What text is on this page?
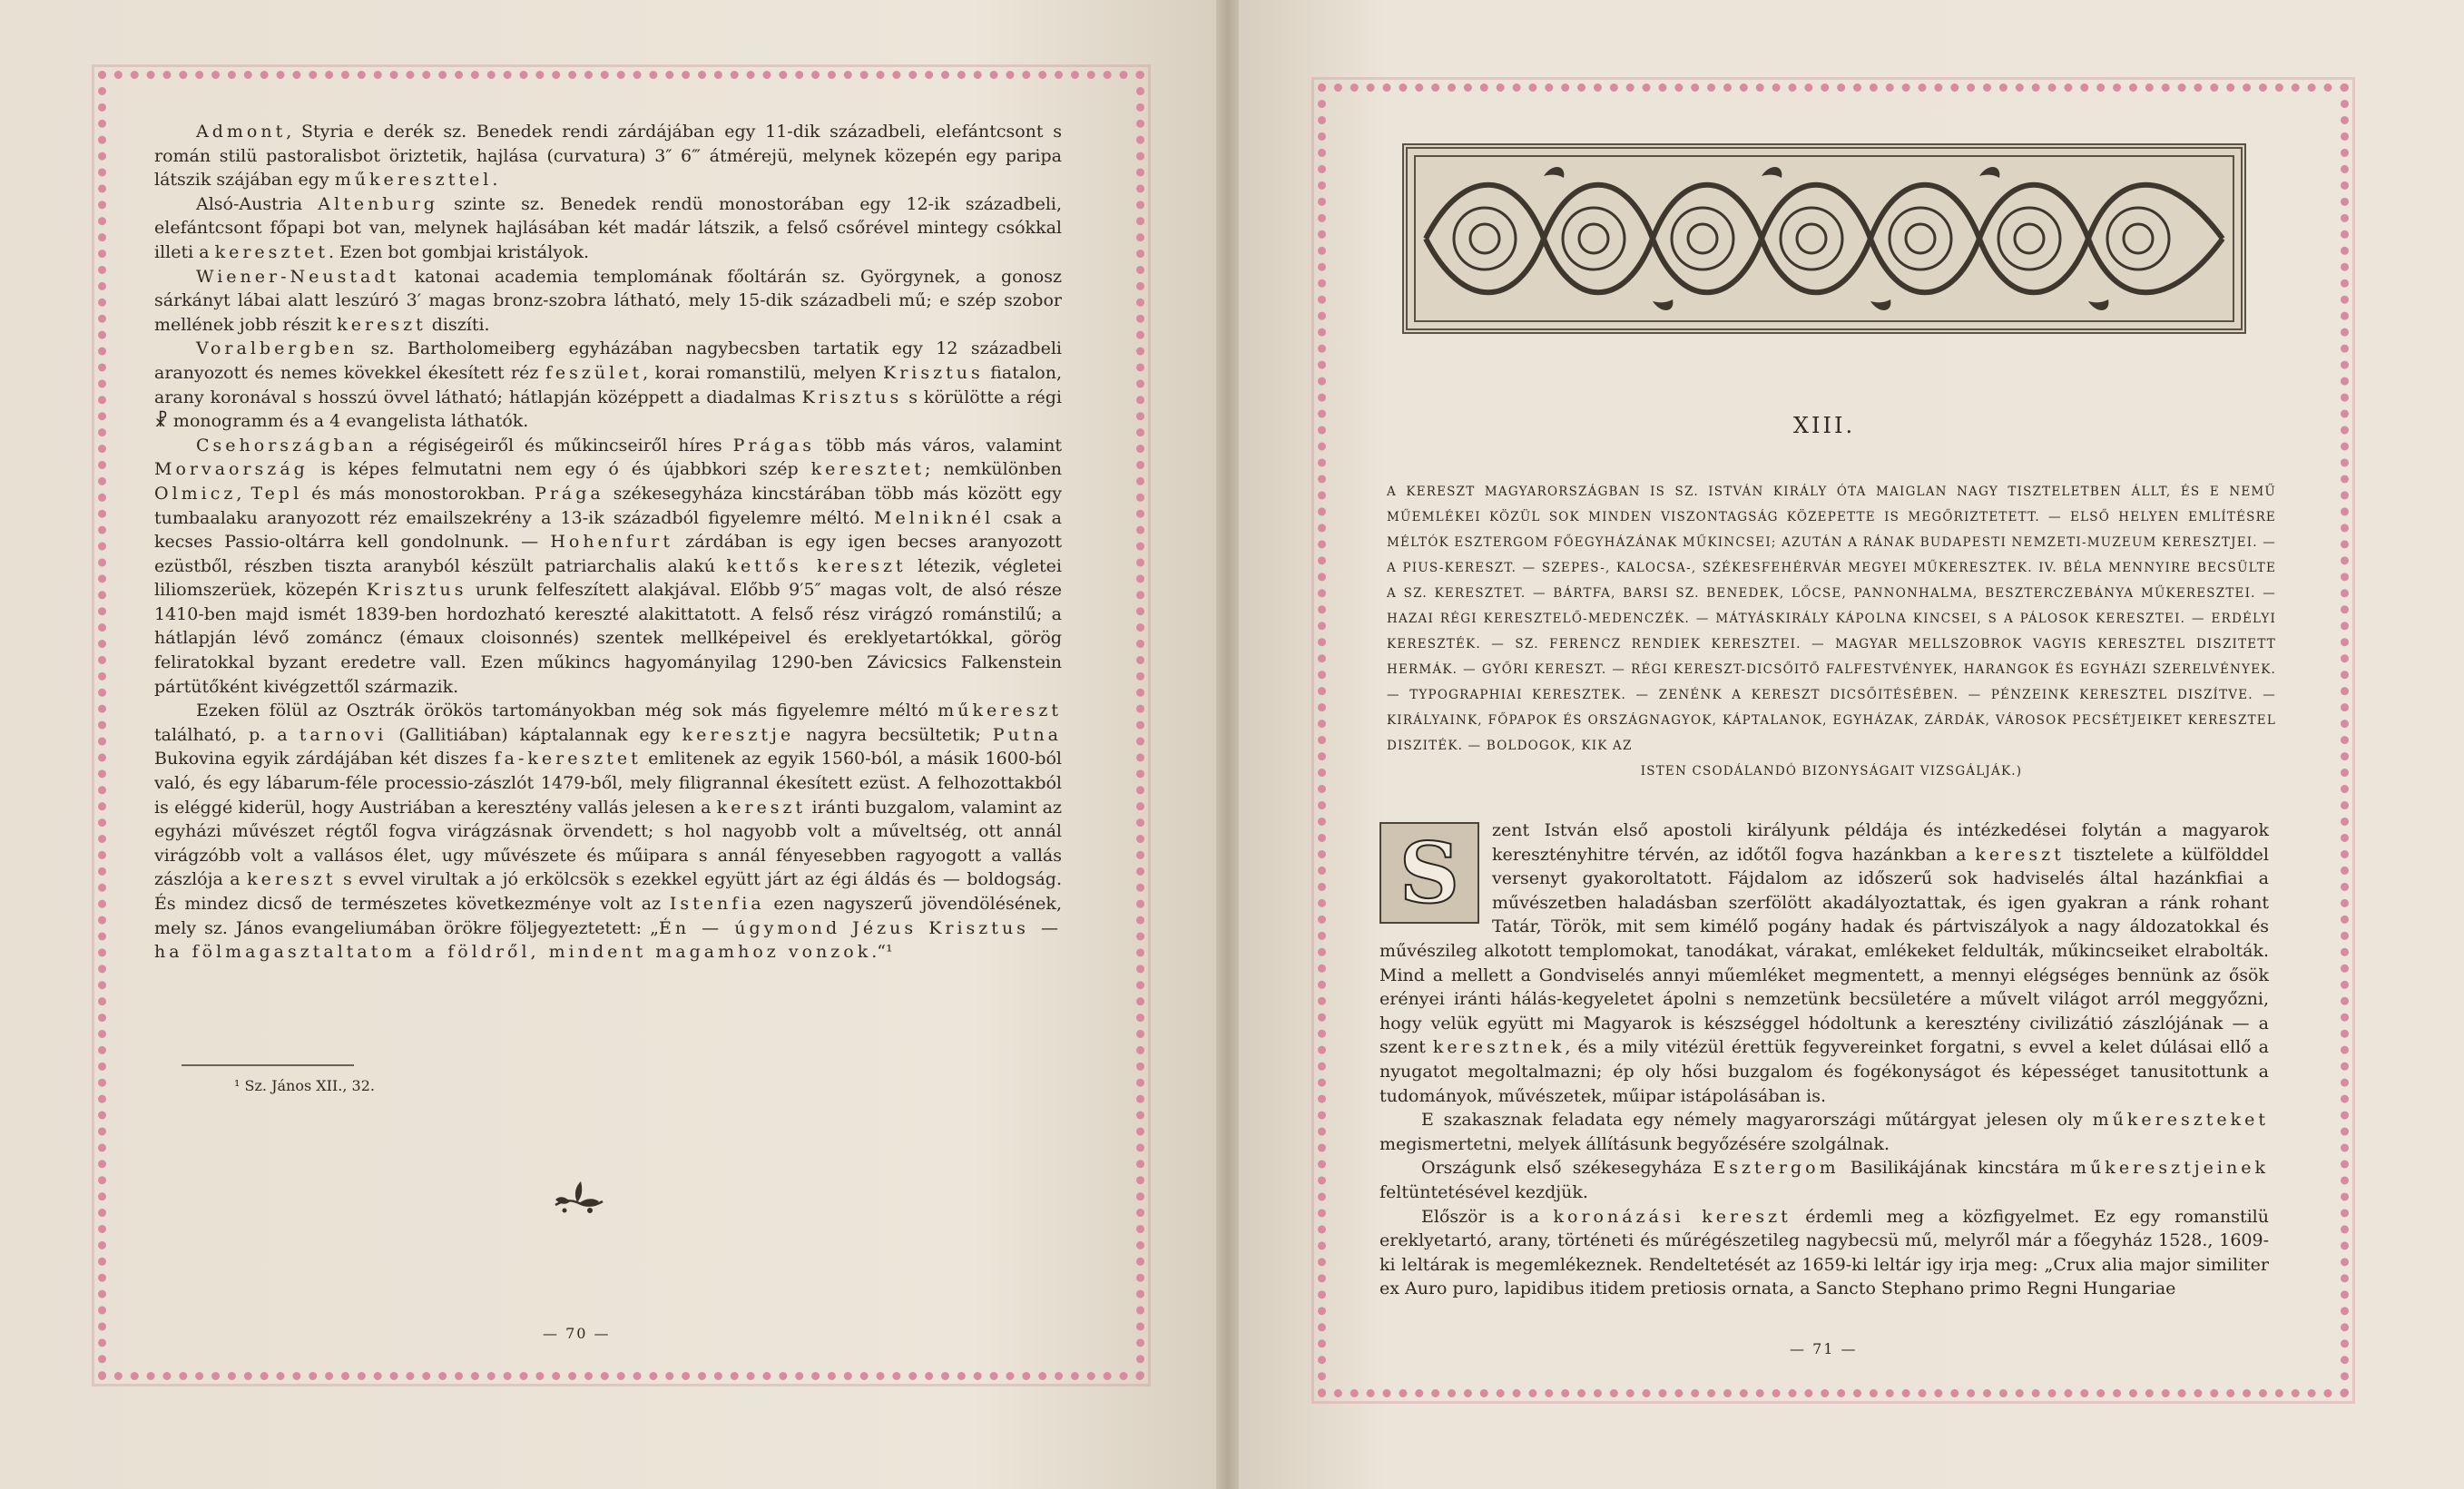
Admont, Styria e derék sz. Benedek rendi zárdájában egy 11-dik századbeli, elefántcsont s román stilü pastoralisbot öriztetik, hajlása (curvatura) 3″ 6‴ átmérejü, melynek közepén egy paripa látszik szájában egy műkereszttel.

Alsó-Austria Altenburg szinte sz. Benedek rendü monostorában egy 12-ik századbeli, elefántcsont főpapi bot van, melynek hajlásában két madár látszik, a felső csőrével mintegy csókkal illeti a keresztet. Ezen bot gombjai kristályok.

Wiener-Neustadt katonai academia templomának főoltárán sz. Györgynek, a gonosz sárkányt lábai alatt leszúró 3′ magas bronz-szobra látható, mely 15-dik századbeli mű; e szép szobor mellének jobb részit kereszt diszíti.

Voralbergben sz. Bartholomeiberg egyházában nagybecsben tartatik egy 12 századbeli aranyozott és nemes kövekkel ékesített réz feszület, korai romanstilü, melyen Krisztus fiatalon, arany koronával s hosszú övvel látható; hátlapján középpett a diadalmas Krisztus s körülötte a régi ☧ monogramm és a 4 evangelista láthatók.

Csehországban a régiségeiről és műkincseiről híres Prágas több más város, valamint Morvaország is képes felmutatni nem egy ó és újabbkori szép keresztet; nemkülönben Olmicz, Tepl és más monostorokban. Prága székesegyháza kincstárában több más között egy tumbaalaku aranyozott réz emailszekrény a 13-ik századból figyelemre méltó. Melniknél csak a kecses Passio-oltárra kell gondolnunk. — Hohenfurt zárdában is egy igen becses aranyozott ezüstből, részben tiszta aranyból készült patriarchalis alakú kettős kereszt létezik, végletei liliomszerüek, közepén Krisztus urunk felfeszített alakjával. Előbb 9′5″ magas volt, de alsó része 1410-ben majd ismét 1839-ben hordozható kereszté alakittatott. A felső rész virágzó románstilű; a hátlapján lévő zománcz (émaux cloisonnés) szentek mellképeivel és ereklyetartókkal, görög feliratokkal byzant eredetre vall. Ezen műkincs hagyományilag 1290-ben Závicsics Falkenstein pártütőként kivégzettől származik.

Ezeken fölül az Osztrák örökös tartományokban még sok más figyelemre méltó műkereszt található, p. a tarnovi (Gallitiában) káptalannak egy keresztje nagyra becsültetik; Putna Bukovina egyik zárdájában két diszes fa-keresztet emlitenek az egyik 1560-ból, a másik 1600-ból való, és egy lábarum-féle processio-zászlót 1479-ből, mely filigrannal ékesített ezüst. A felhozottakból is eléggé kiderül, hogy Austriában a keresztény vallás jelesen a kereszt iránti buzgalom, valamint az egyházi művészet régtől fogva virágzásnak örvendett; s hol nagyobb volt a műveltség, ott annál virágzóbb volt a vallásos élet, ugy művészete és műipara s annál fényesebben ragyogott a vallás zászlója a kereszt s evvel virultak a jó erkölcsök s ezekkel együtt járt az égi áldás és — boldogság. És mindez dicső de természetes következménye volt az Istenfia ezen nagyszerű jövendölésének, mely sz. János evangeliumában örökre följegyeztetett: „Én — úgymond Jézus Krisztus — ha fölmagasztaltatom a földről, mindent magamhoz vonzok.“¹

¹ Sz. János XII., 32.
— 70 —
XIII.
A KERESZT MAGYARORSZÁGBAN IS SZ. ISTVÁN KIRÁLY ÓTA MAIGLAN NAGY TISZTELETBEN ÁLLT, ÉS E NEMŰ MŰEMLÉKEI KÖZÜL SOK MINDEN VISZONTAGSÁG KÖZEPETTE IS MEGŐRIZTETETT. — ELSŐ HELYEN EMLÍTÉSRE MÉLTÓK ESZTERGOM FŐEGYHÁZÁNAK MŰKINCSEI; AZUTÁN A RÁNAK BUDAPESTI NEMZETI-MUZEUM KERESZTJEI. — A PIUS-KERESZT. — SZEPES-, KALOCSA-, SZÉKESFEHÉRVÁR MEGYEI MŰKERESZTEK. IV. BÉLA MENNYIRE BECSÜLTE A SZ. KERESZTET. — BÁRTFA, BARSI SZ. BENEDEK, LŐCSE, PANNONHALMA, BESZTERCZEBÁNYA MŰKERESZTEI. — HAZAI RÉGI KERESZTELŐ-MEDENCZÉK. — MÁTYÁSKIRÁLY KÁPOLNA KINCSEI, S A PÁLOSOK KERESZTEI. — ERDÉLYI KERESZTÉK. — SZ. FERENCZ RENDIEK KERESZTEI. — MAGYAR MELLSZOBROK VAGYIS KERESZTEL DISZITETT HERMÁK. — GYŐRI KERESZT. — RÉGI KERESZT-DICSŐITŐ FALFESTVÉNYEK, HARANGOK ÉS EGYHÁZI SZERELVÉNYEK. — TYPOGRAPHIAI KERESZTEK. — ZENÉNK A KERESZT DICSŐITÉSÉBEN. — PÉNZEINK KERESZTEL DISZÍTVE. — KIRÁLYAINK, FŐPAPOK ÉS ORSZÁGNAGYOK, KÁPTALANOK, EGYHÁZAK, ZÁRDÁK, VÁROSOK PECSÉTJEIKET KERESZTEL DISZITÉK. — BOLDOGOK, KIK AZ
ISTEN CSODÁLANDÓ BIZONYSÁGAIT VIZSGÁLJÁK.)
S	zent István első apostoli királyunk példája és intézkedései folytán a magyarok keresztényhitre térvén, az időtől fogva hazánkban a kereszt tisztelete a külfölddel versenyt gyakoroltatott. Fájdalom az időszerű sok hadviselés által hazánkfiai a művészetben haladásban szerfölött akadályoztattak, és igen gyakran a ránk rohant Tatár, Török, mit sem kimélő pogány hadak és pártviszályok a nagy áldozatokkal és művészileg alkotott templomokat, tanodákat, várakat, emlékeket feldulták, műkincseiket elrabolták. Mind a mellett a Gondviselés annyi műemléket megmentett, a mennyi elégséges bennünk az ősök erényei iránti hálás-kegyeletet ápolni s nemzetünk becsületére a művelt világot arról meggyőzni, hogy velük együtt mi Magyarok is készséggel hódoltunk a keresztény civilizátió zászlójának — a szent keresztnek, és a mily vitézül érettük fegyvereinket forgatni, s evvel a kelet dúlásai ellő a nyugatot megoltalmazni; ép oly hősi buzgalom és fogékonyságot és képességet tanusitottunk a tudományok, művészetek, műipar istápolásában is.

E szakasznak feladata egy némely magyarországi műtárgyat jelesen oly műkereszteket megismertetni, melyek állításunk begyőzésére szolgálnak.

Országunk első székesegyháza Esztergom Basilikájának kincstára műkeresztjeinek feltüntetésével kezdjük.

Először is a koronázási kereszt érdemli meg a közfigyelmet. Ez egy romanstilü ereklyetartó, arany, történeti és műrégészetileg nagybecsü mű, melyről már a főegyház 1528., 1609-ki leltárak is megemlékeznek. Rendeltetését az 1659-ki leltár igy irja meg: „Crux alia major similiter ex Auro puro, lapidibus itidem pretiosis ornata, a Sancto Stephano primo Regni Hungariae

— 71 —
